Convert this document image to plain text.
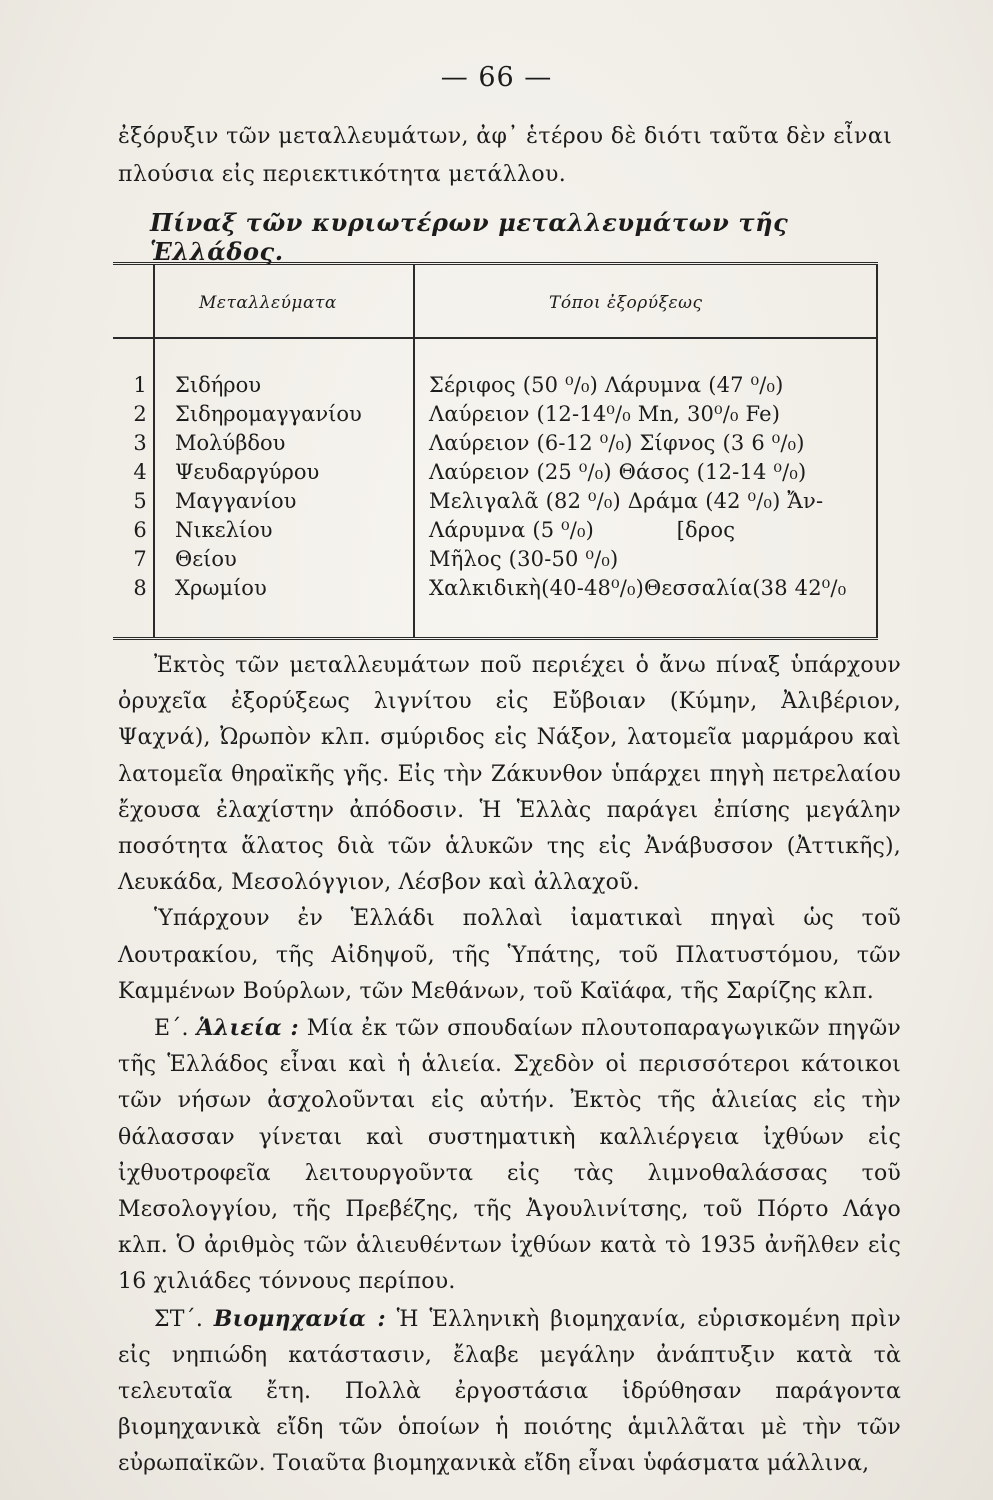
— 66 —
ἐξόρυξιν τῶν μεταλλευμάτων, ἀφ᾽ ἑτέρου δὲ διότι ταῦτα δὲν εἶναι πλούσια εἰς περιεκτικότητα μετάλλου.
Πίναξ τῶν κυριωτέρων μεταλλευμάτων τῆς Ἑλλάδος.
Μεταλλεύματα	Τόποι ἐξορύξεως
1 Σιδήρου	Σέριφος (50 ⁰/₀) Λάρυμνα (47 ⁰/₀)
2 Σιδηρομαγγανίου	Λαύρειον (12-14⁰/₀ Mn, 30⁰/₀ Fe)
3 Μολύβδου	Λαύρειον (6-12 ⁰/₀) Σίφνος (3 6 ⁰/₀)
4 Ψευδαργύρου	Λαύρειον (25 ⁰/₀) Θάσος (12-14 ⁰/₀)
5 Μαγγανίου	Μελιγαλᾶ (82 ⁰/₀) Δράμα (42 ⁰/₀) Ἄν-
6 Νικελίου	Λάρυμνα (5 ⁰/₀)            [δρος
7 Θείου	Μῆλος (30-50 ⁰/₀)
8 Χρωμίου	Χαλκιδικὴ(40-48⁰/₀)Θεσσαλία(38 42⁰/₀

Ἐκτὸς τῶν μεταλλευμάτων ποῦ περιέχει ὁ ἄνω πίναξ ὑπάρχουν ὀρυχεῖα ἐξορύξεως λιγνίτου εἰς Εὔβοιαν (Κύμην, Ἀλιβέριον, Ψαχνά), Ὠρωπὸν κλπ. σμύριδος εἰς Νάξον, λατομεῖα μαρμάρου καὶ λατομεῖα θηραϊκῆς γῆς. Εἰς τὴν Ζάκυνθον ὑπάρχει πηγὴ πετρελαίου ἔχουσα ἐλαχίστην ἀπόδοσιν. Ἡ Ἑλλὰς παράγει ἐπίσης μεγάλην ποσότητα ἅλατος διὰ τῶν ἁλυκῶν της εἰς Ἀνάβυσσον (Ἀττικῆς), Λευκάδα, Μεσολόγγιον, Λέσβον καὶ ἀλλαχοῦ.

Ὑπάρχουν ἐν Ἑλλάδι πολλαὶ ἰαματικαὶ πηγαὶ ὡς τοῦ Λουτρακίου, τῆς Αἰδηψοῦ, τῆς Ὑπάτης, τοῦ Πλατυστόμου, τῶν Καμμένων Βούρλων, τῶν Μεθάνων, τοῦ Καϊάφα, τῆς Σαρίζης κλπ.

Ε΄. Ἁλιεία : Μία ἐκ τῶν σπουδαίων πλουτοπαραγωγικῶν πηγῶν τῆς Ἑλλάδος εἶναι καὶ ἡ ἁλιεία. Σχεδὸν οἱ περισσότεροι κάτοικοι τῶν νήσων ἀσχολοῦνται εἰς αὐτήν. Ἐκτὸς τῆς ἁλιείας εἰς τὴν θάλασσαν γίνεται καὶ συστηματικὴ καλλιέργεια ἰχθύων εἰς ἰχθυοτροφεῖα λειτουργοῦντα εἰς τὰς λιμνοθαλάσσας τοῦ Μεσολογγίου, τῆς Πρεβέζης, τῆς Ἀγουλινίτσης, τοῦ Πόρτο Λάγο κλπ. Ὁ ἀριθμὸς τῶν ἁλιευθέντων ἰχθύων κατὰ τὸ 1935 ἀνῆλθεν εἰς 16 χιλιάδες τόννους περίπου.

ΣΤ΄. Βιομηχανία : Ἡ Ἑλληνικὴ βιομηχανία, εὑρισκομένη πρὶν εἰς νηπιώδη κατάστασιν, ἔλαβε μεγάλην ἀνάπτυξιν κατὰ τὰ τελευταῖα ἔτη. Πολλὰ ἐργοστάσια ἱδρύθησαν παράγοντα βιομηχανικὰ εἴδη τῶν ὁποίων ἡ ποιότης ἁμιλλᾶται μὲ τὴν τῶν εὐρωπαϊκῶν. Τοιαῦτα βιομηχανικὰ εἴδη εἶναι ὑφάσματα μάλλινα,
